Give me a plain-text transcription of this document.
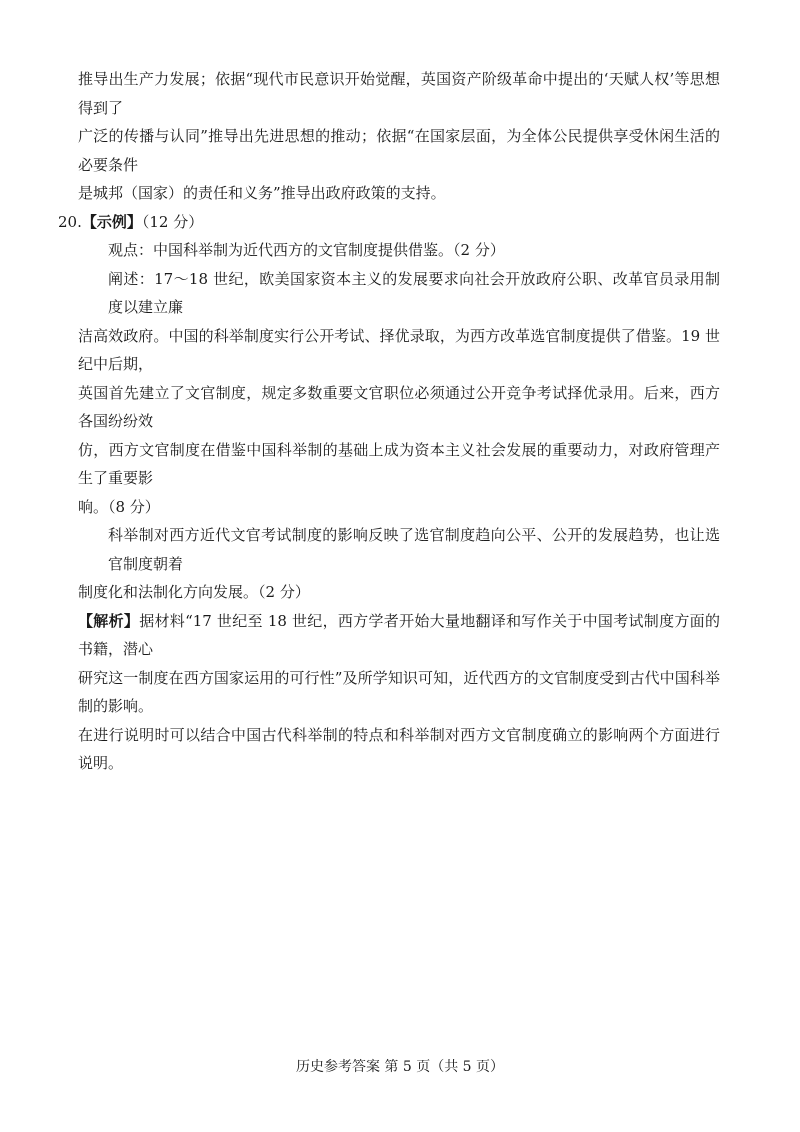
推导出生产力发展；依据“现代市民意识开始觉醒，英国资产阶级革命中提出的‘天赋人权’等思想得到了

广泛的传播与认同”推导出先进思想的推动；依据“在国家层面，为全体公民提供享受休闲生活的必要条件

是城邦（国家）的责任和义务”推导出政府政策的支持。

20.【示例】（12 分）

观点：中国科举制为近代西方的文官制度提供借鉴。（2 分）

阐述：17～18 世纪，欧美国家资本主义的发展要求向社会开放政府公职、改革官员录用制度以建立廉

洁高效政府。中国的科举制度实行公开考试、择优录取，为西方改革选官制度提供了借鉴。19 世纪中后期，

英国首先建立了文官制度，规定多数重要文官职位必须通过公开竞争考试择优录用。后来，西方各国纷纷效

仿，西方文官制度在借鉴中国科举制的基础上成为资本主义社会发展的重要动力，对政府管理产生了重要影

响。（8 分）

科举制对西方近代文官考试制度的影响反映了选官制度趋向公平、公开的发展趋势，也让选官制度朝着

制度化和法制化方向发展。（2 分）

【解析】据材料“17 世纪至 18 世纪，西方学者开始大量地翻译和写作关于中国考试制度方面的书籍，潜心

研究这一制度在西方国家运用的可行性”及所学知识可知，近代西方的文官制度受到古代中国科举制的影响。

在进行说明时可以结合中国古代科举制的特点和科举制对西方文官制度确立的影响两个方面进行说明。

历史参考答案 第 5 页（共 5 页）
